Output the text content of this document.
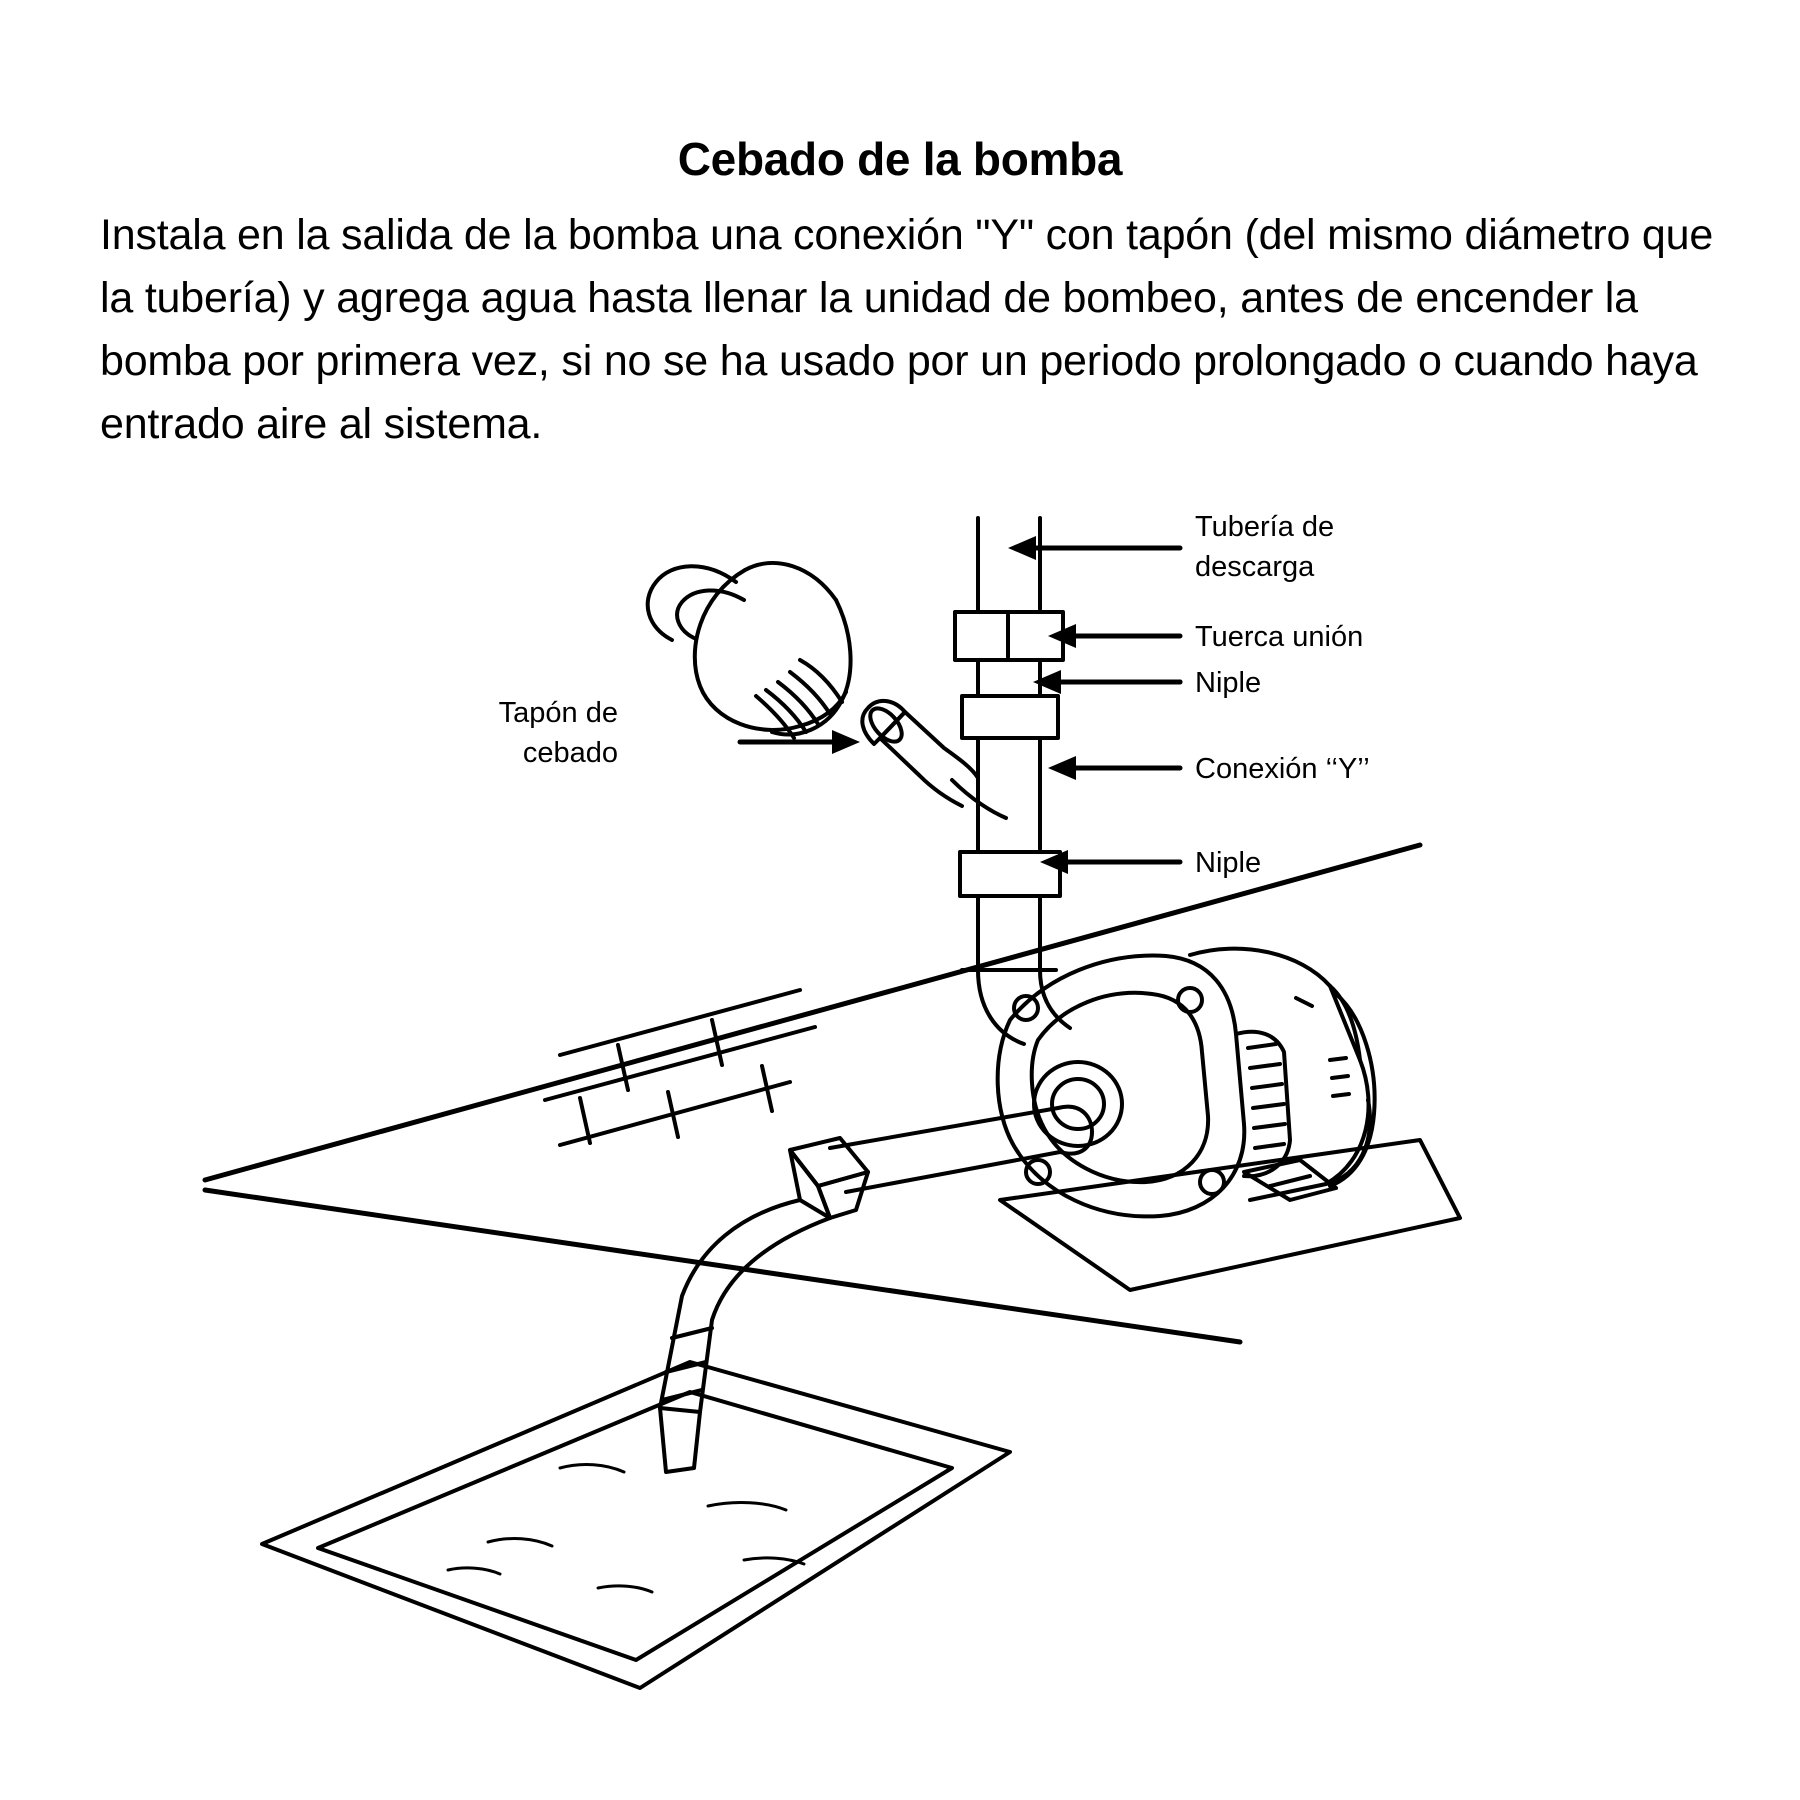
Cebado de la bomba
Instala en la salida de la bomba una conexión "Y" con tapón (del mismo diámetro que la tubería) y agrega agua hasta llenar la unidad de bombeo, antes de encender la bomba por primera vez, si no se ha usado por un periodo prolongado o cuando haya entrado aire al sistema.
Tubería de
descarga
Tuerca unión
Niple
Conexión ‘‘Y’’
Niple
Tapón de
cebado
